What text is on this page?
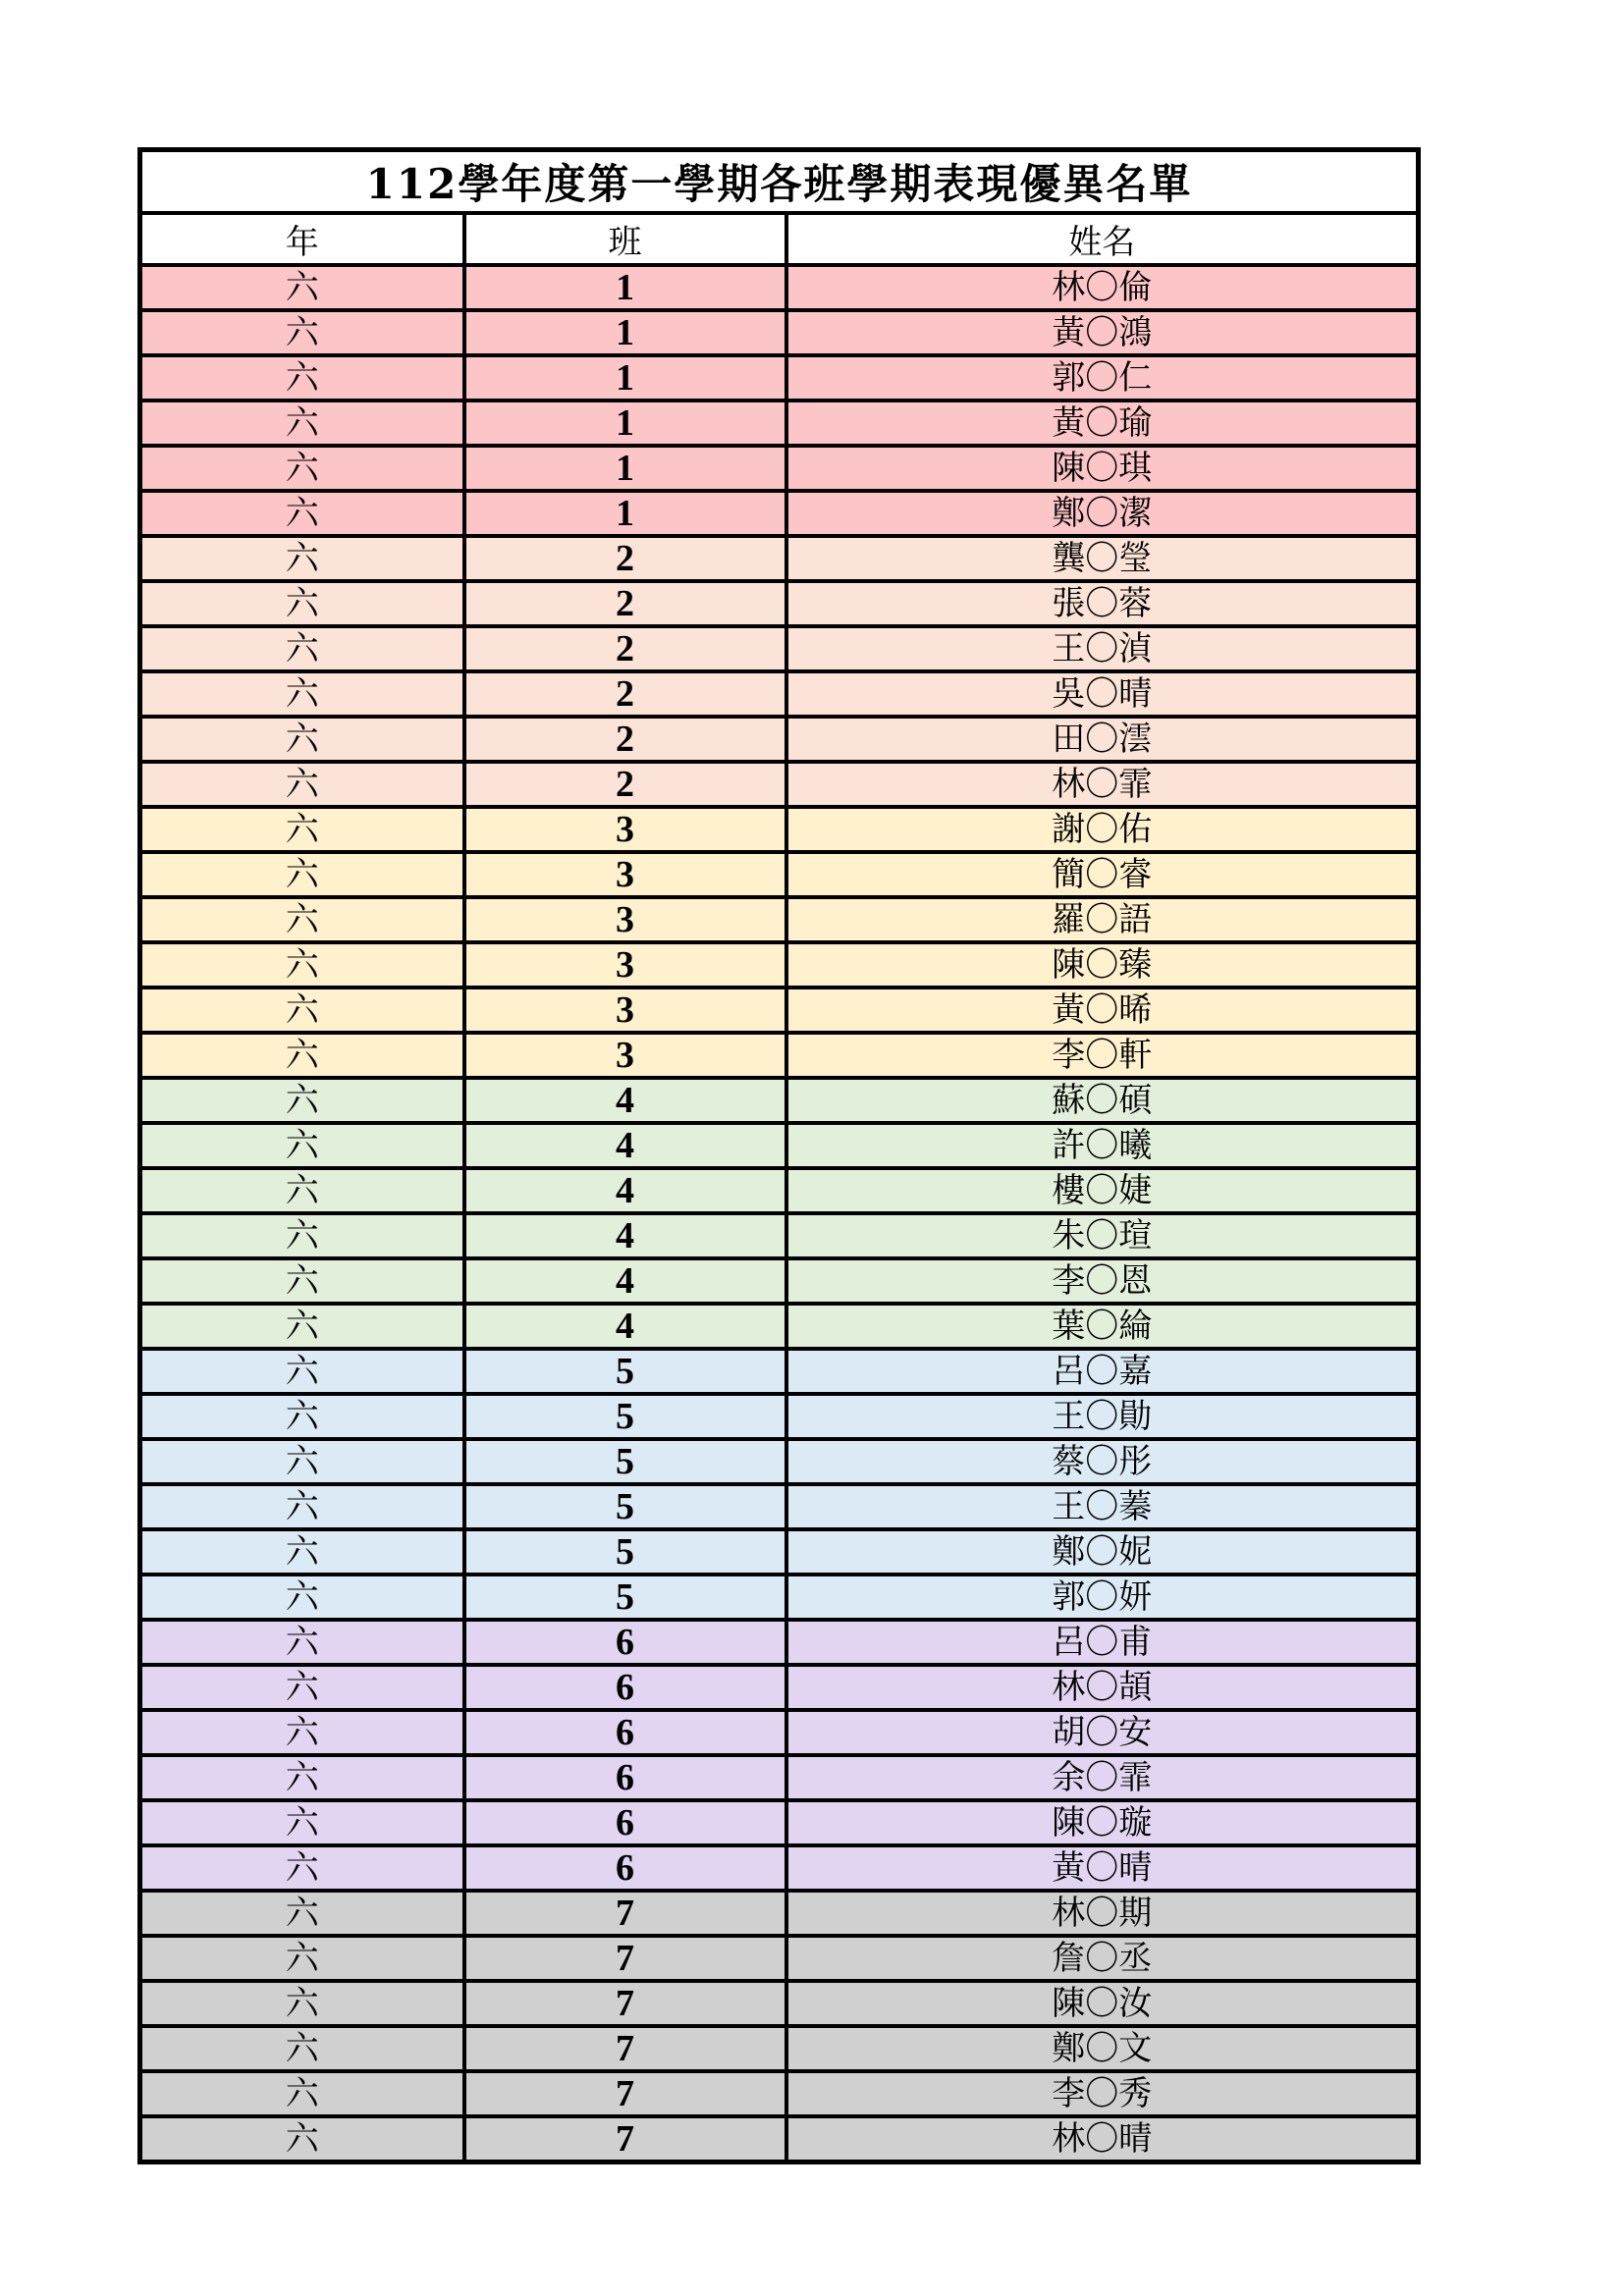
112學年度第一學期各班學期表現優異名單		
年	班	姓名
六	1	林〇倫
六	1	黃〇鴻
六	1	郭〇仁
六	1	黃〇瑜
六	1	陳〇琪
六	1	鄭〇潔
六	2	龔〇瑩
六	2	張〇蓉
六	2	王〇湞
六	2	吳〇晴
六	2	田〇澐
六	2	林〇霏
六	3	謝〇佑
六	3	簡〇睿
六	3	羅〇語
六	3	陳〇臻
六	3	黃〇晞
六	3	李〇軒
六	4	蘇〇碩
六	4	許〇曦
六	4	樓〇婕
六	4	朱〇瑄
六	4	李〇恩
六	4	葉〇綸
六	5	呂〇嘉
六	5	王〇勛
六	5	蔡〇彤
六	5	王〇蓁
六	5	鄭〇妮
六	5	郭〇妍
六	6	呂〇甫
六	6	林〇頡
六	6	胡〇安
六	6	余〇霏
六	6	陳〇璇
六	6	黃〇晴
六	7	林〇期
六	7	詹〇丞
六	7	陳〇汝
六	7	鄭〇文
六	7	李〇秀
六	7	林〇晴
